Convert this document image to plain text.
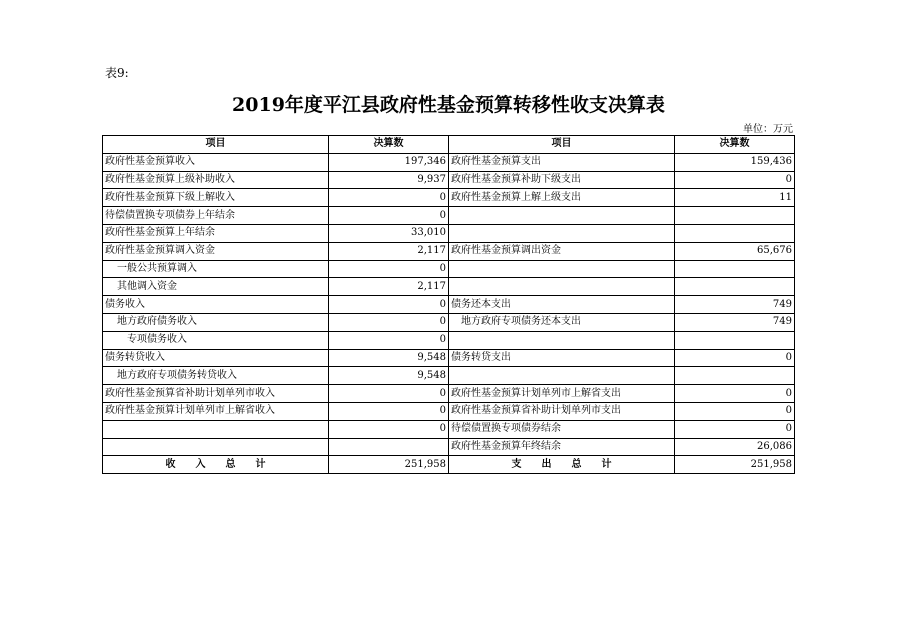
表9:
2019年度平江县政府性基金预算转移性收支决算表
单位：万元
项目	决算数	项目	决算数
政府性基金预算收入	197,346	政府性基金预算支出	159,436
政府性基金预算上级补助收入	9,937	政府性基金预算补助下级支出	0
政府性基金预算下级上解收入	0	政府性基金预算上解上级支出	11
待偿债置换专项债券上年结余	0		
政府性基金预算上年结余	33,010		
政府性基金预算调入资金	2,117	政府性基金预算调出资金	65,676
一般公共预算调入	0		
其他调入资金	2,117		
债务收入	0	债务还本支出	749
地方政府债务收入	0	地方政府专项债务还本支出	749
专项债务收入	0		
债务转贷收入	9,548	债务转贷支出	0
地方政府专项债务转贷收入	9,548		
政府性基金预算省补助计划单列市收入	0	政府性基金预算计划单列市上解省支出	0
政府性基金预算计划单列市上解省收入	0	政府性基金预算省补助计划单列市支出	0
	0	待偿债置换专项债券结余	0
		政府性基金预算年终结余	26,086
收　　入　　总　　计	251,958	支　　出　　总　　计	251,958
